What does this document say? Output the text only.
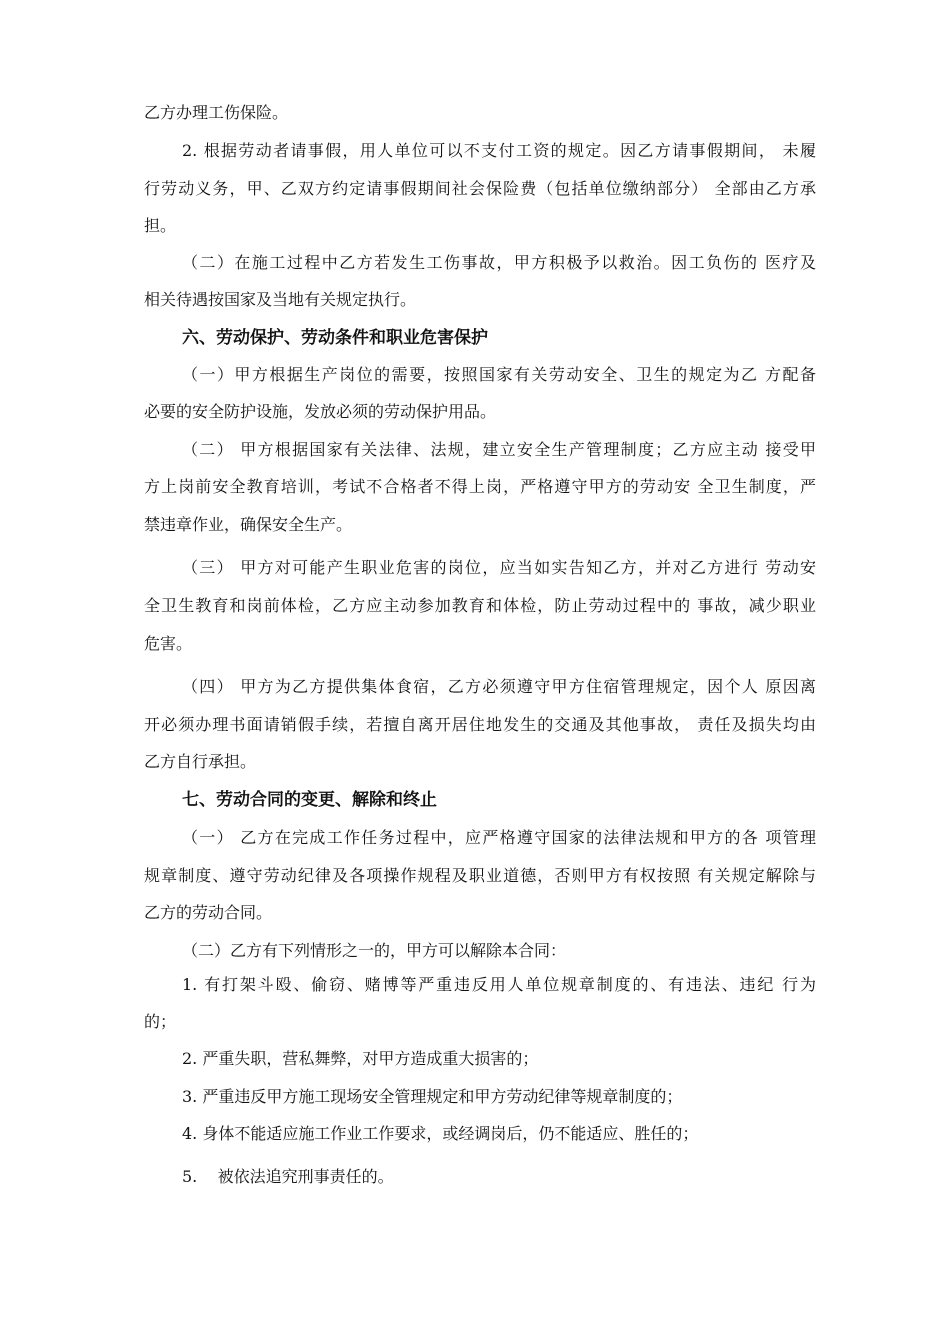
乙方办理工伤保险。
2. 根据劳动者请事假，用人单位可以不支付工资的规定。因乙方请事假期间， 未履
行劳动义务，甲、乙双方约定请事假期间社会保险费（包括单位缴纳部分） 全部由乙方承
担。
（二）在施工过程中乙方若发生工伤事故，甲方积极予以救治。因工负伤的 医疗及
相关待遇按国家及当地有关规定执行。
六、劳动保护、劳动条件和职业危害保护
（一）甲方根据生产岗位的需要，按照国家有关劳动安全、卫生的规定为乙 方配备
必要的安全防护设施，发放必须的劳动保护用品。
（二） 甲方根据国家有关法律、法规，建立安全生产管理制度；乙方应主动 接受甲
方上岗前安全教育培训，考试不合格者不得上岗，严格遵守甲方的劳动安 全卫生制度，严
禁违章作业，确保安全生产。
（三） 甲方对可能产生职业危害的岗位，应当如实告知乙方，并对乙方进行 劳动安
全卫生教育和岗前体检，乙方应主动参加教育和体检，防止劳动过程中的 事故，减少职业
危害。
（四） 甲方为乙方提供集体食宿，乙方必须遵守甲方住宿管理规定，因个人 原因离
开必须办理书面请销假手续，若擅自离开居住地发生的交通及其他事故， 责任及损失均由
乙方自行承担。
七、劳动合同的变更、解除和终止
（一） 乙方在完成工作任务过程中，应严格遵守国家的法律法规和甲方的各 项管理
规章制度、遵守劳动纪律及各项操作规程及职业道德，否则甲方有权按照 有关规定解除与
乙方的劳动合同。
（二）乙方有下列情形之一的，甲方可以解除本合同：
1. 有打架斗殴、偷窃、赌博等严重违反用人单位规章制度的、有违法、违纪 行为
的；
2. 严重失职，营私舞弊，对甲方造成重大损害的；
3. 严重违反甲方施工现场安全管理规定和甲方劳动纪律等规章制度的；
4. 身体不能适应施工作业工作要求，或经调岗后，仍不能适应、胜任的；
5.    被依法追究刑事责任的。
